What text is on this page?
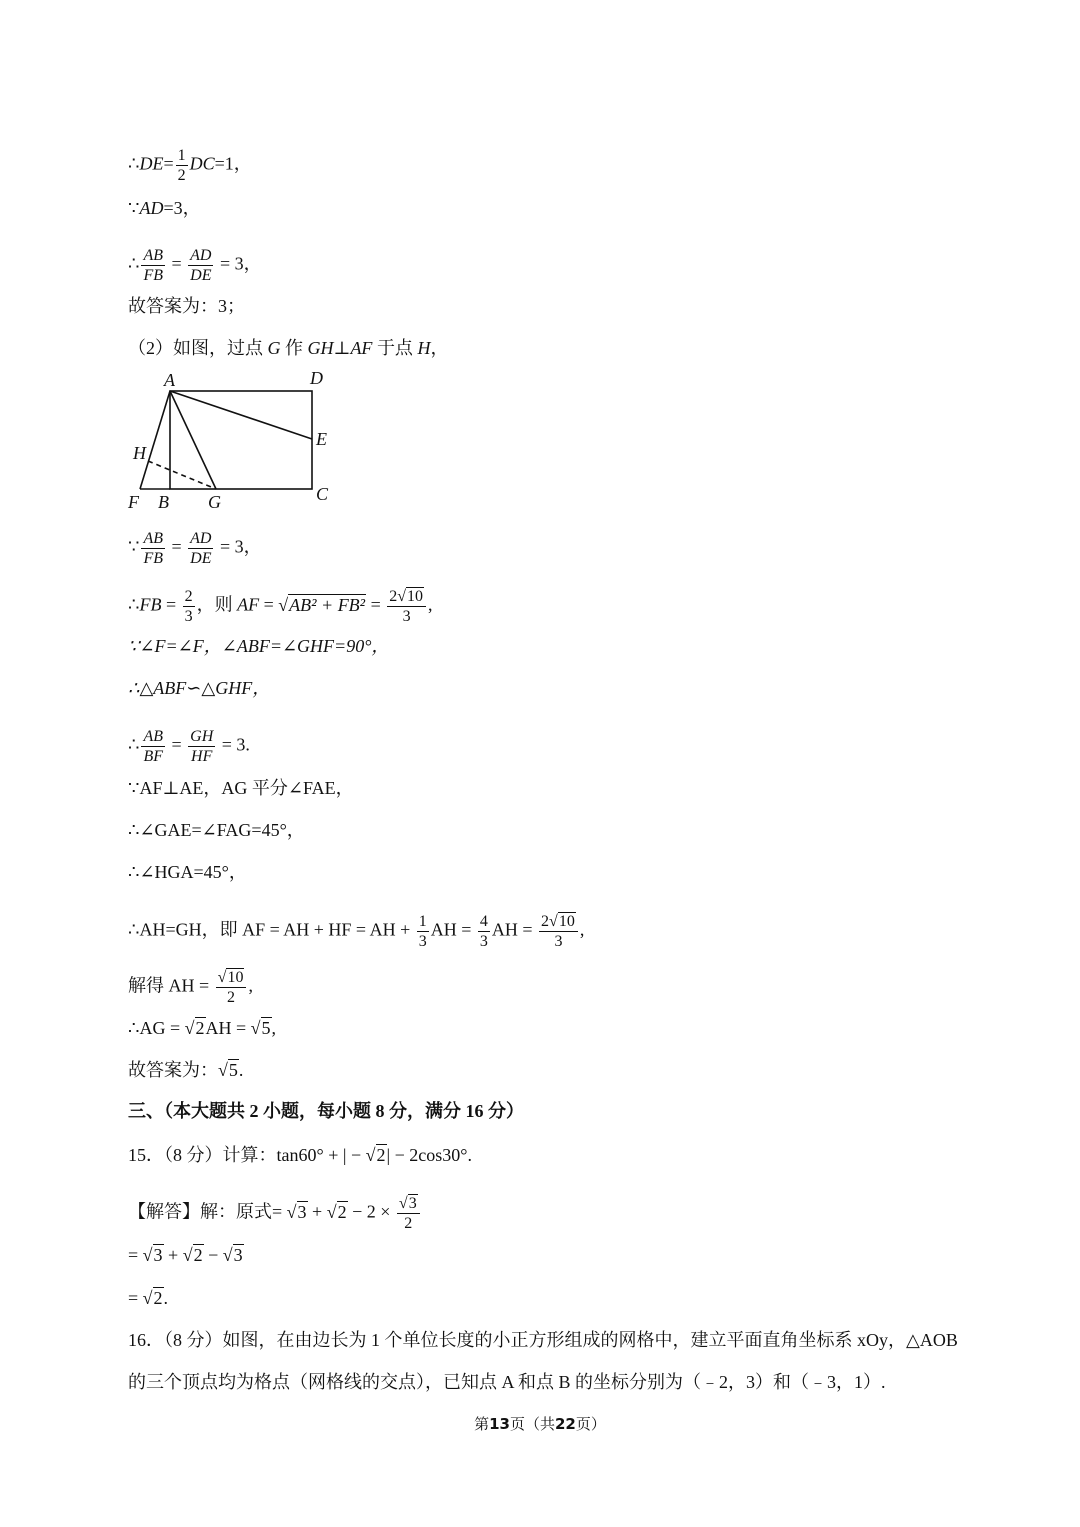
∴DE= $\frac{1}{2} DC=1$，
∵AD=3，
∴ $\frac{AB}{FB} = \frac{AD}{DE} = 3$，
故答案为：3；
（2）如图，过点 G 作 GH⊥AF 于点 H，
A	D
E
H
F B G	C
∵ $\frac{AB}{FB} = \frac{AD}{DE} = 3$，
∴FB = $\frac{2}{3}$ ，则 AF = $√AB^2 + FB^2 = \frac{2√10}{3}$ ,
∵∠F=∠F，∠ABF=∠GHF=90°，
∴△ABF∽△GHF，
∴ $\frac{AB}{BF} = \frac{GH}{HF} = 3$.
∵AF⊥AE，AG 平分∠FAE，
∴∠GAE=∠FAG=45°，
∴∠HGA=45°，
∴AH=GH，即 AF = AH + HF = AH + $\frac{1}{3}$ AH = $\frac{4}{3}$ AH = $\frac{2√10}{3}$ ,
解得 AH = $\frac{√10}{2}$ ,
∴AG = √2AH = √5,
故答案为：√5.
三、（本大题共 2 小题，每小题 8 分，满分 16 分）
15．（8 分）计算：tan60° + | − √2| − 2cos30°.
【解答】解：原式= $√3 + √2 - 2 \times \frac{√3}{2}$
= √3 + √2 − √3
= √2.
16．（8 分）如图，在由边长为 1 个单位长度的小正方形组成的网格中，建立平面直角坐标系 xOy，△AOB
的三个顶点均为格点（网格线的交点），已知点 A 和点 B 的坐标分别为（﹣2，3）和（﹣3，1）.
第13页（共22页）
